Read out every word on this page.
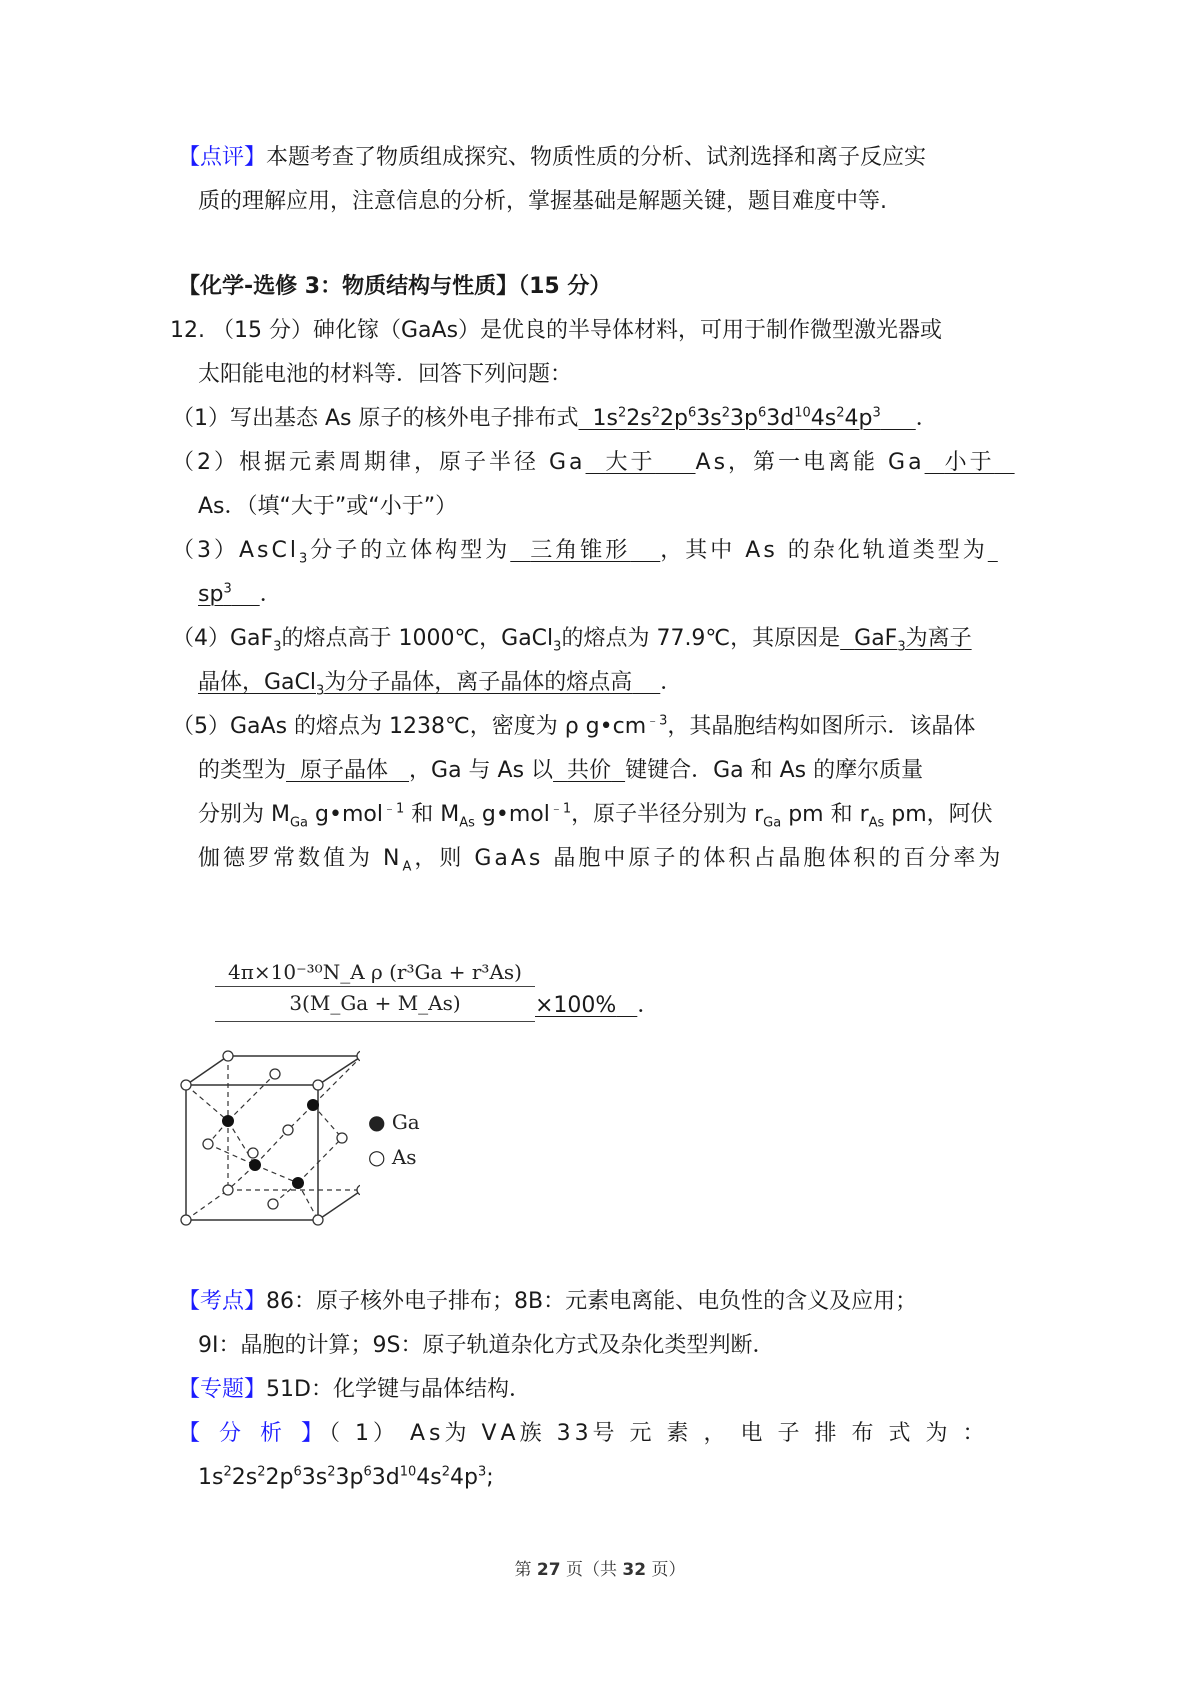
【点评】本题考查了物质组成探究、物质性质的分析、试剂选择和离子反应实
质的理解应用，注意信息的分析，掌握基础是解题关键，题目难度中等.
【化学-选修 3：物质结构与性质】（15 分）
12. （15 分）砷化镓（GaAs）是优良的半导体材料，可用于制作微型激光器或
太阳能电池的材料等．回答下列问题：
（1）写出基态 As 原子的核外电子排布式 $1s^22s^22p^63s^23p^63d^{10}4s^24p^3$ ．
（2）根据元素周期律，原子半径 Ga 大于 As，第一电离能 Ga 小于
As．（填“大于”或“小于”）
（3）AsCl$_3$分子的立体构型为 三角锥形 ，其中 As 的杂化轨道类型为
$sp^3$ ．
（4）GaF$_3$的熔点高于 1000℃，GaCl$_3$的熔点为 77.9℃，其原因是 GaF$_3$为离子
晶体，GaCl$_3$为分子晶体，离子晶体的熔点高 ．
（5）GaAs 的熔点为 1238℃，密度为 ρ $g•cm^{﹣3}$，其晶胞结构如图所示．该晶体
的类型为 原子晶体 ，Ga 与 As 以 共价 键键合．Ga 和 As 的摩尔质量
分别为 $M_{Ga}$ g•mol$^{﹣1}$ 和 $M_{As}$ g•mol$^{﹣1}$，原子半径分别为 $r_{Ga}$ pm 和 $r_{As}$ pm，阿伏
伽德罗常数值为 $N_A$，则 GaAs 晶胞中原子的体积占晶胞体积的百分率为
$\frac{\text{4π×10⁻³⁰N\_A ρ (r³Ga + r³As)}}{3(M\_Ga + M\_As)} \times 100\%$ ．
● Ga
○ As
【考点】86：原子核外电子排布；8B：元素电离能、电负性的含义及应用；
9I：晶胞的计算；9S：原子轨道杂化方式及杂化类型判断．
【专题】51D：化学键与晶体结构．
【 分 析 】（ 1） As为 ⅤA族 33号 元 素 ， 电 子 排 布 式 为 ：
$1s^22s^22p^63s^23p^63d^{10}4s^24p^3$;
第 27 页（共 32 页）
